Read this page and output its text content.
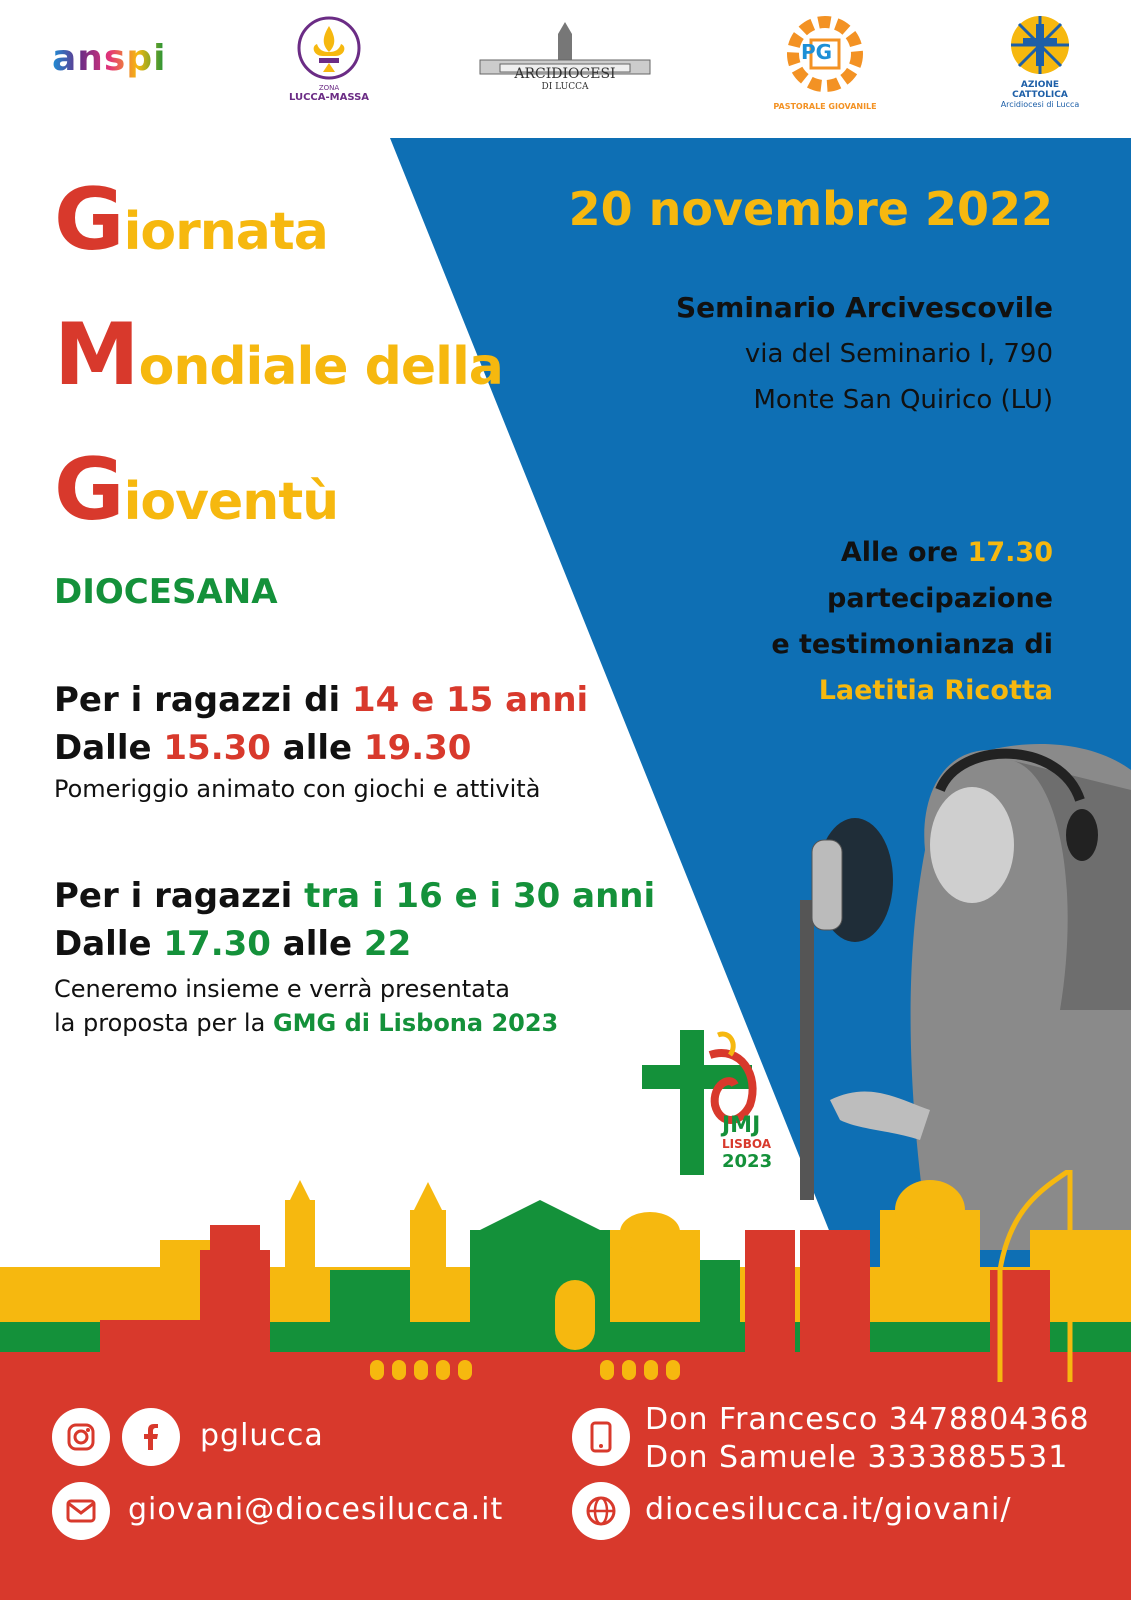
anspi
ZONA
LUCCA-MASSA
ARCIDIOCESI
DI LUCCA
PG
PASTORALE GIOVANILE
AZIONE
CATTOLICA
Arcidiocesi di Lucca
Giornata
Mondiale della
Gioventù
DIOCESANA
Per i ragazzi di 14 e 15 anni
Dalle 15.30 alle 19.30
Pomeriggio animato con giochi e attività
Per i ragazzi tra i 16 e i 30 anni
Dalle 17.30 alle 22
Ceneremo insieme e verrà presentata
la proposta per la GMG di Lisbona 2023
20 novembre 2022
Seminario Arcivescovile
via del Seminario I, 790
Monte San Quirico (LU)
Alle ore 17.30
partecipazione
e testimonianza di
Laetitia Ricotta
JMJ
LISBOA
2023
pglucca
giovani@diocesilucca.it
Don Francesco 3478804368
Don Samuele 3333885531
diocesilucca.it/giovani/
